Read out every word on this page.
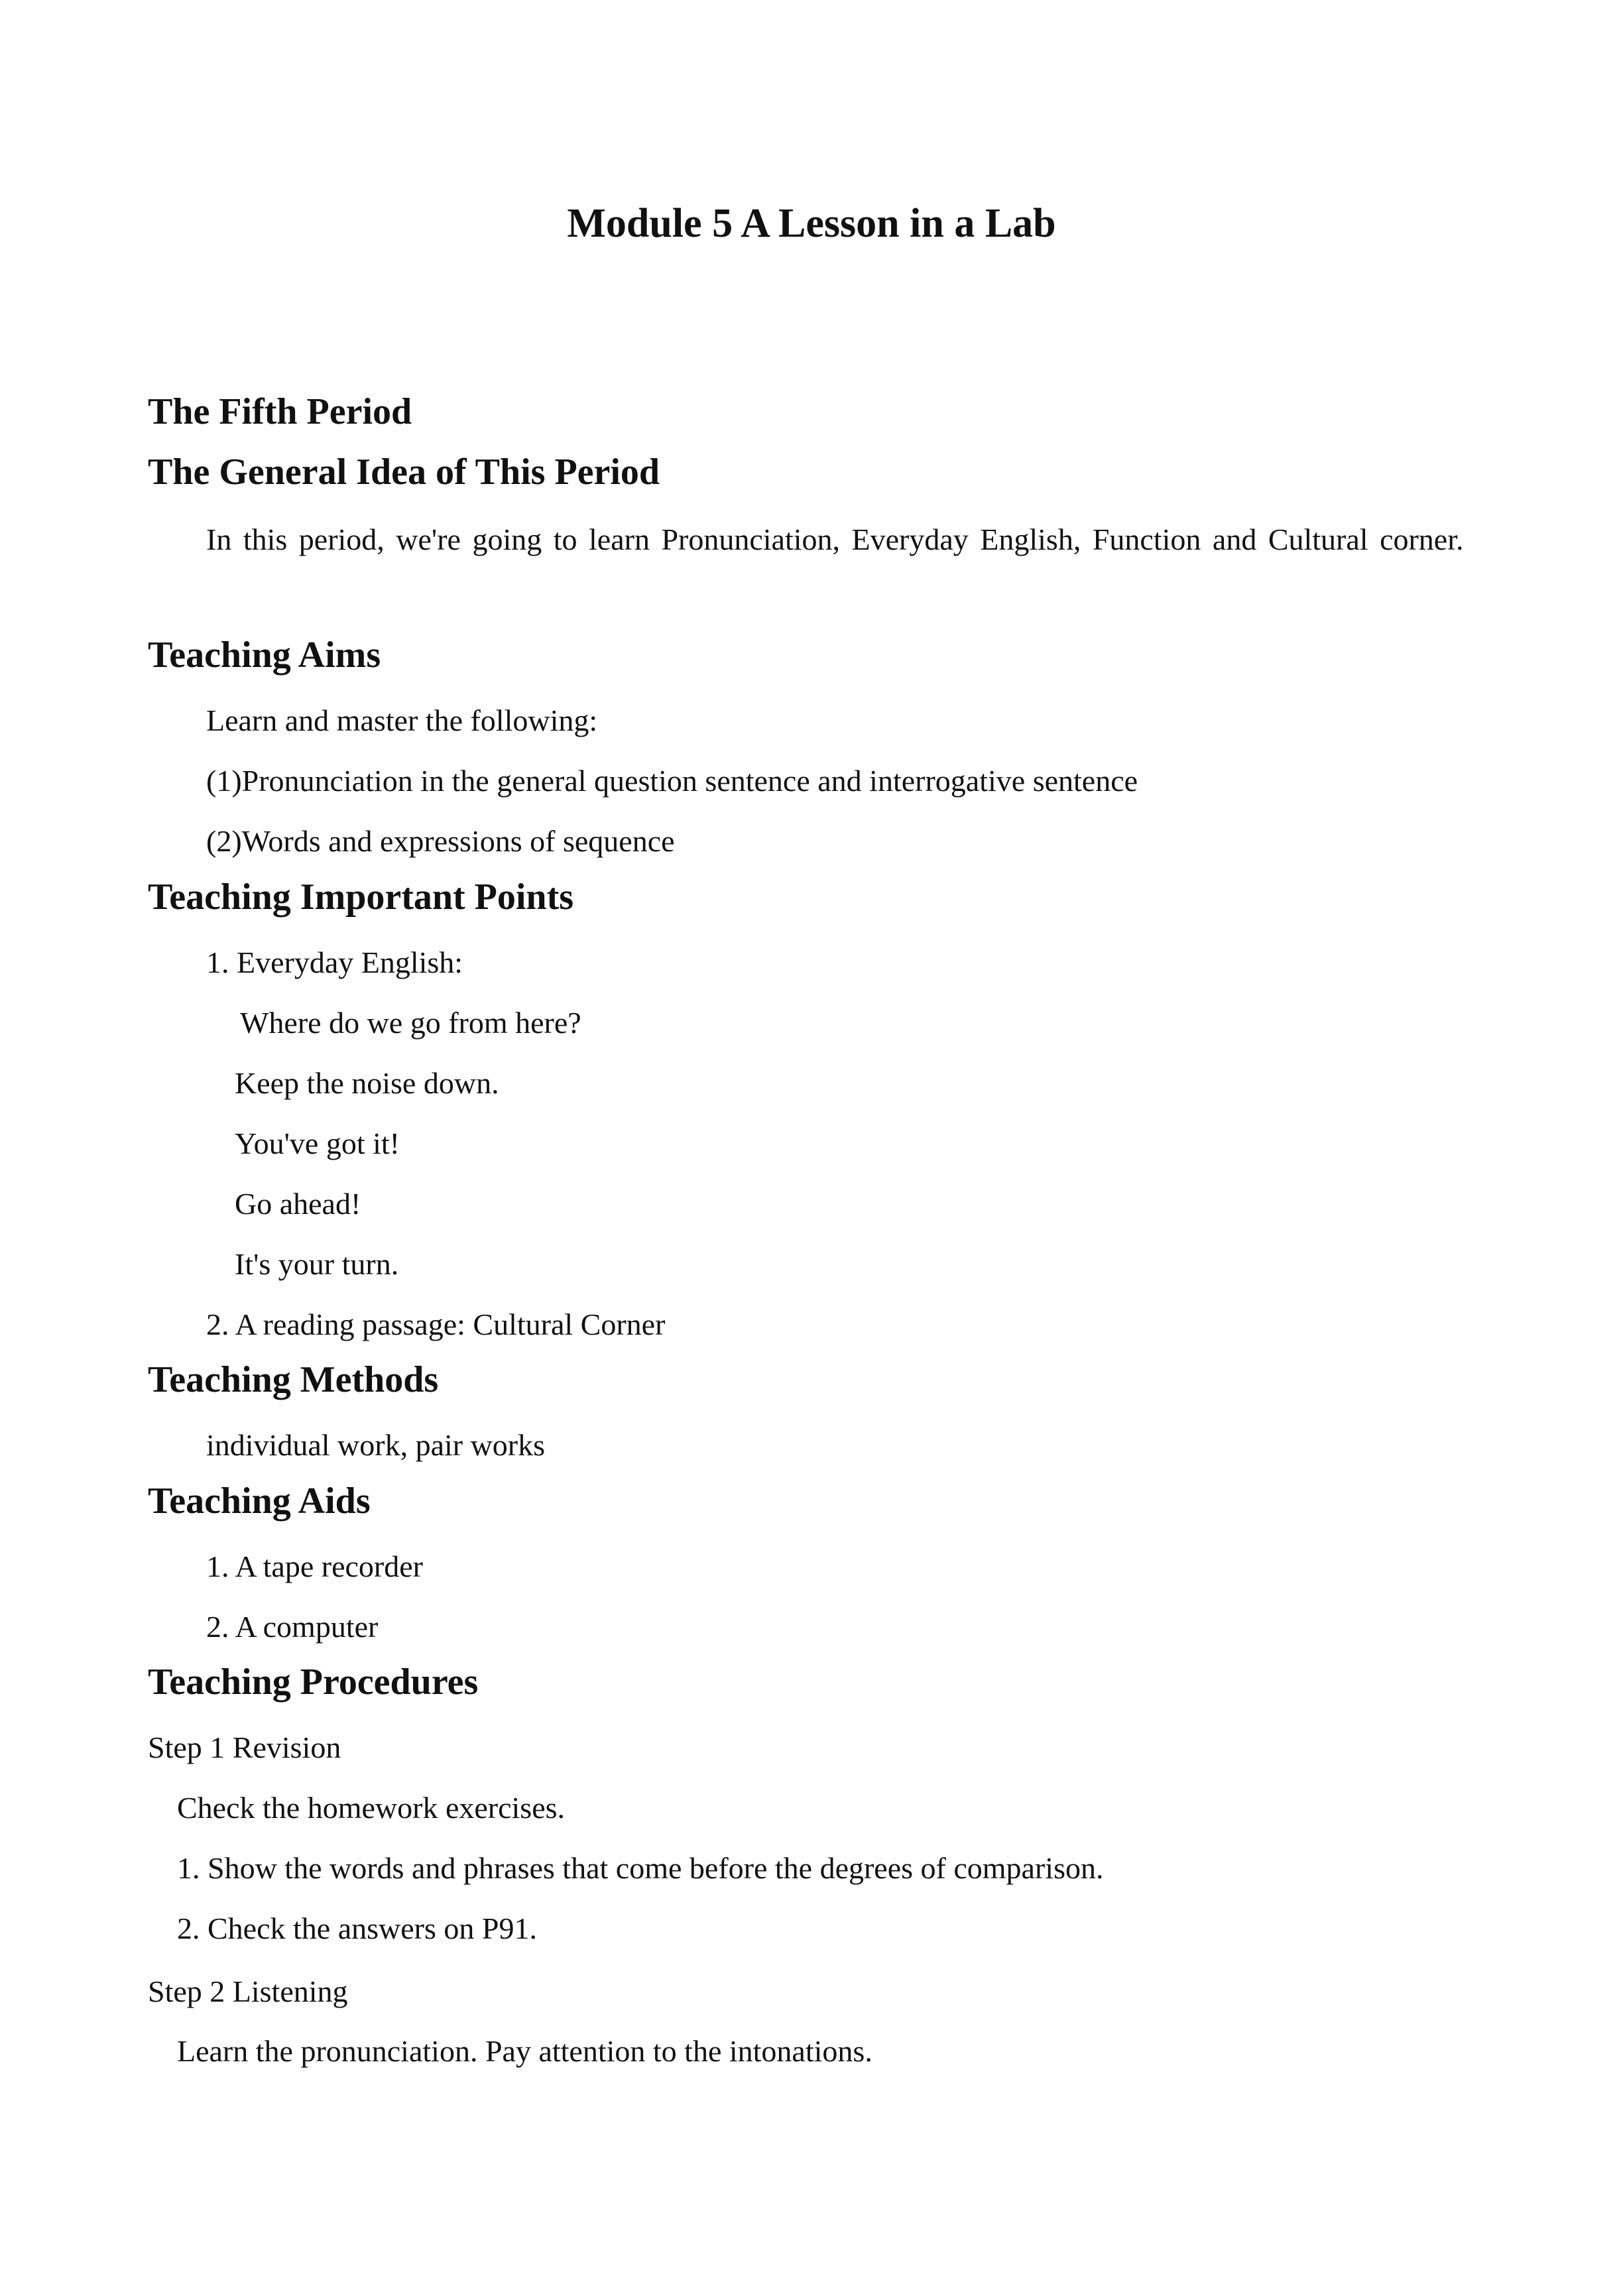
Module 5 A Lesson in a Lab
The Fifth Period
The General Idea of This Period

In this period, we're going to learn Pronunciation, Everyday English, Function and Cultural corner.

Teaching Aims

Learn and master the following:

(1)Pronunciation in the general question sentence and interrogative sentence

(2)Words and expressions of sequence

Teaching Important Points

1. Everyday English:

Where do we go from here?

Keep the noise down.

You've got it!

Go ahead!

It's your turn.

2. A reading passage: Cultural Corner

Teaching Methods

individual work, pair works

Teaching Aids

1. A tape recorder

2. A computer

Teaching Procedures

Step 1 Revision

Check the homework exercises.

1. Show the words and phrases that come before the degrees of comparison.

2. Check the answers on P91.

Step 2 Listening

Learn the pronunciation. Pay attention to the intonations.
